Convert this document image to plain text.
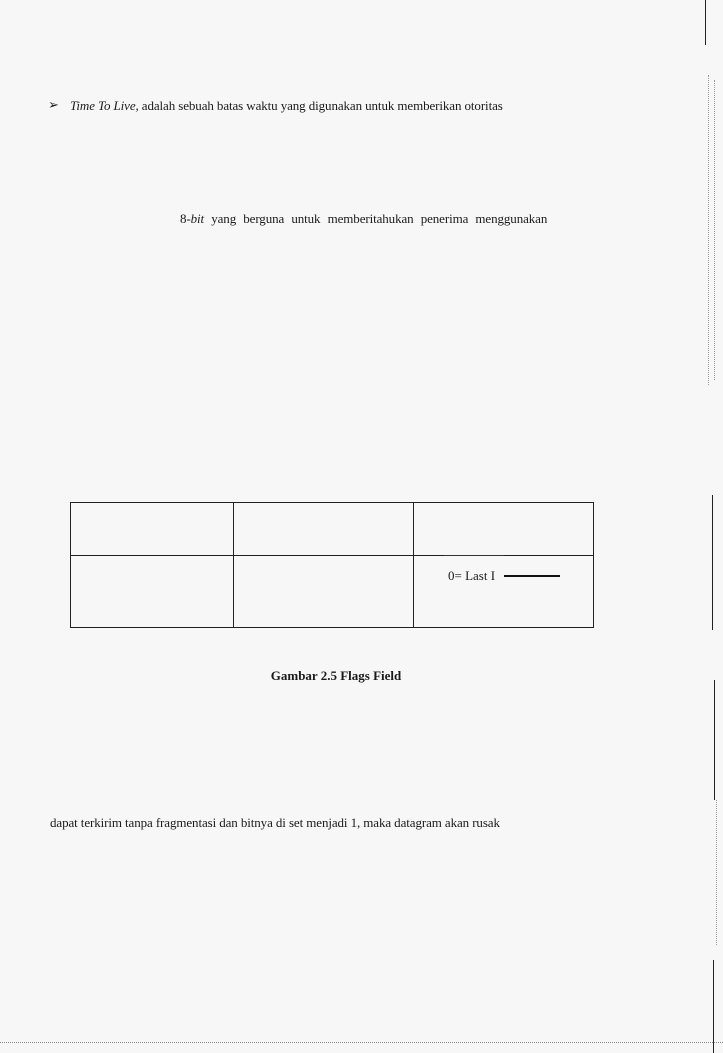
➢ Time To Live, adalah sebuah batas waktu yang digunakan untuk memberikan otoritas
8-bit yang berguna untuk memberitahukan penerima menggunakan

		0= Last I
Gambar 2.5 Flags Field
dapat terkirim tanpa fragmentasi dan bitnya di set menjadi 1, maka datagram akan rusak
